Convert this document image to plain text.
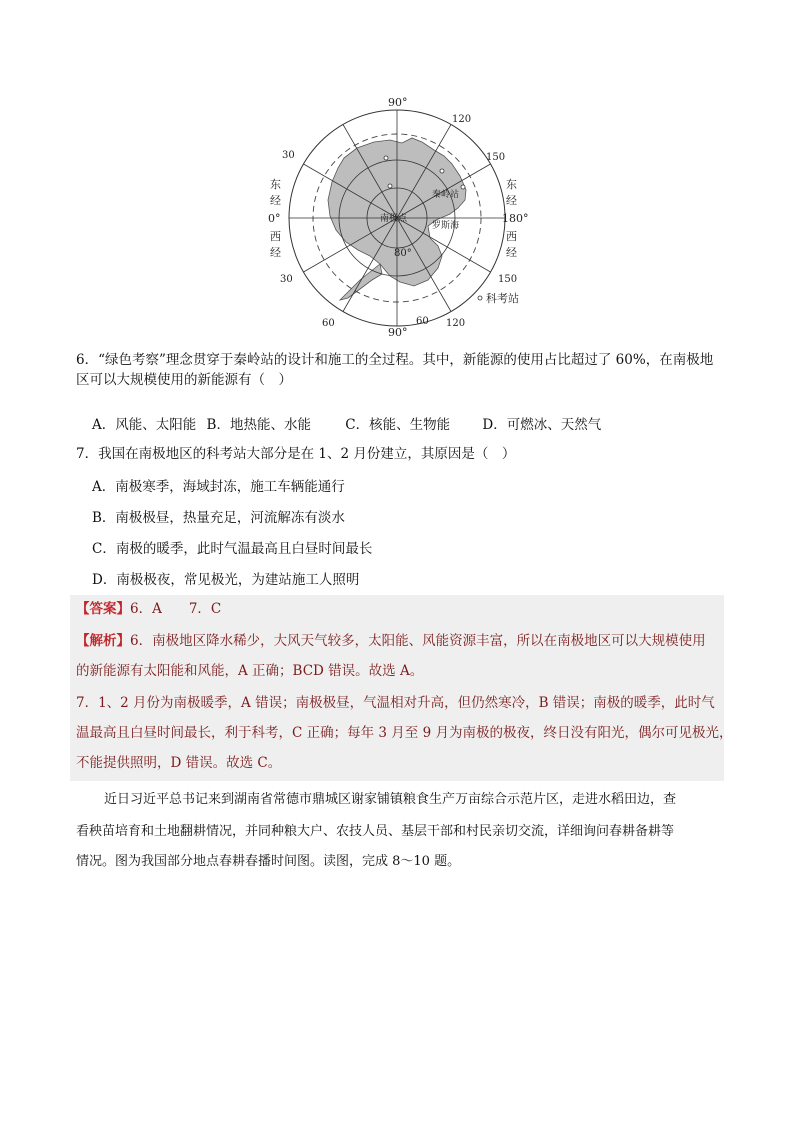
90°
90°
30
30
120
150
150
120
60	60
0°	180°
东
经
西
经
东
经
西
经
南极点
80°
秦岭站
罗斯海
科考站
6．“绿色考察”理念贯穿于秦岭站的设计和施工的全过程。其中，新能源的使用占比超过了 60%，在南极地区可以大规模使用的新能源有（　）
A．风能、太阳能 B．地热能、水能	C．核能、生物能 D．可燃冰、天然气
7．我国在南极地区的科考站大部分是在 1、2 月份建立，其原因是（　）
A．南极寒季，海域封冻，施工车辆能通行
B．南极极昼，热量充足，河流解冻有淡水
C．南极的暖季，此时气温最高且白昼时间最长
D．南极极夜，常见极光，为建站施工人照明
【答案】6．A　　7．C
【解析】6．南极地区降水稀少，大风天气较多，太阳能、风能资源丰富，所以在南极地区可以大规模使用
的新能源有太阳能和风能，A 正确；BCD 错误。故选 A。
7．1、2 月份为南极暖季，A 错误；南极极昼，气温相对升高，但仍然寒冷，B 错误；南极的暖季，此时气
温最高且白昼时间最长，利于科考，C 正确；每年 3 月至 9 月为南极的极夜，终日没有阳光，偶尔可见极光，
不能提供照明，D 错误。故选 C。
近日习近平总书记来到湖南省常德市鼎城区谢家铺镇粮食生产万亩综合示范片区，走进水稻田边，查
看秧苗培育和土地翻耕情况，并同种粮大户、农技人员、基层干部和村民亲切交流，详细询问春耕备耕等
情况。图为我国部分地点春耕春播时间图。读图，完成 8～10 题。
